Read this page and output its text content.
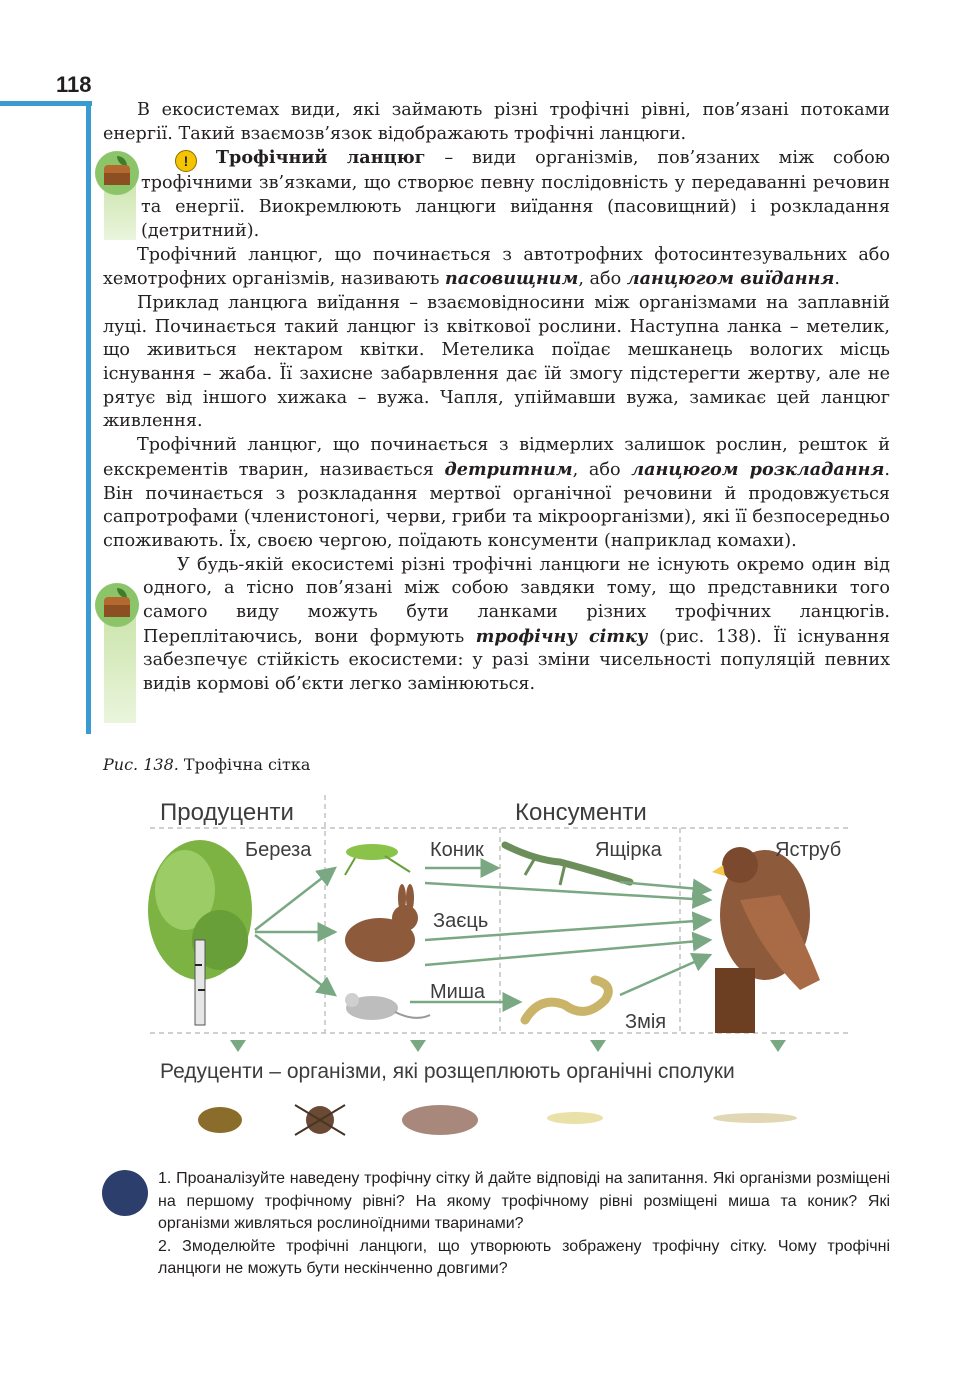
118

В екосистемах види, які займають різні трофічні рівні, пов’язані потоками енергії. Такий взаємозв’язок відображають трофічні ланцюги.

! Трофічний ланцюг – види організмів, пов’язаних між собою трофічними зв’язками, що створює певну послідовність у передаванні речовин та енергії. Виокремлюють ланцюги виїдання (пасовищний) і розкладання (детритний).

Трофічний ланцюг, що починається з автотрофних фотосинтезувальних або хемотрофних організмів, називають пасовищним, або ланцюгом виїдання.

Приклад ланцюга виїдання – взаємовідносини між організмами на заплавній луці. Починається такий ланцюг із квіткової рослини. Наступна ланка – метелик, що живиться нектаром квітки. Метелика поїдає мешканець вологих місць існування – жаба. Її захисне забарвлення дає їй змогу підстерегти жертву, але не рятує від іншого хижака – вужа. Чапля, упіймавши вужа, замикає цей ланцюг живлення.

Трофічний ланцюг, що починається з відмерлих залишок рослин, решток й екскрементів тварин, називається детритним, або ланцюгом розкладання. Він починається з розкладання мертвої органічної речовини й продовжується сапротрофами (членистоногі, черви, гриби та мікроорганізми), які її безпосередньо споживають. Їх, своєю чергою, поїдають консументи (наприклад комахи).

У будь-якій екосистемі різні трофічні ланцюги не існують окремо один від одного, а тісно пов’язані між собою завдяки тому, що представники того самого виду можуть бути ланками різних трофічних ланцюгів. Переплітаючись, вони формують трофічну сітку (рис. 138). Її існування забезпечує стійкість екосистеми: у разі зміни чисельності популяцій певних видів кормові об’єкти легко замінюються.

Рис. 138. Трофічна сітка
Продуценти	Консументи
Береза	Коник	Ящірка	Яструб
Заєць
Миша
Змія
Редуценти – організми, які розщеплюють органічні сполуки

1. Проаналізуйте наведену трофічну сітку й дайте відповіді на запитання. Які організми розміщені на першому трофічному рівні? На якому трофічному рівні розміщені миша та коник? Які організми живляться рослиноїдними тваринами?

2. Змоделюйте трофічні ланцюги, що утворюють зображену трофічну сітку. Чому трофічні ланцюги не можуть бути нескінченно довгими?
